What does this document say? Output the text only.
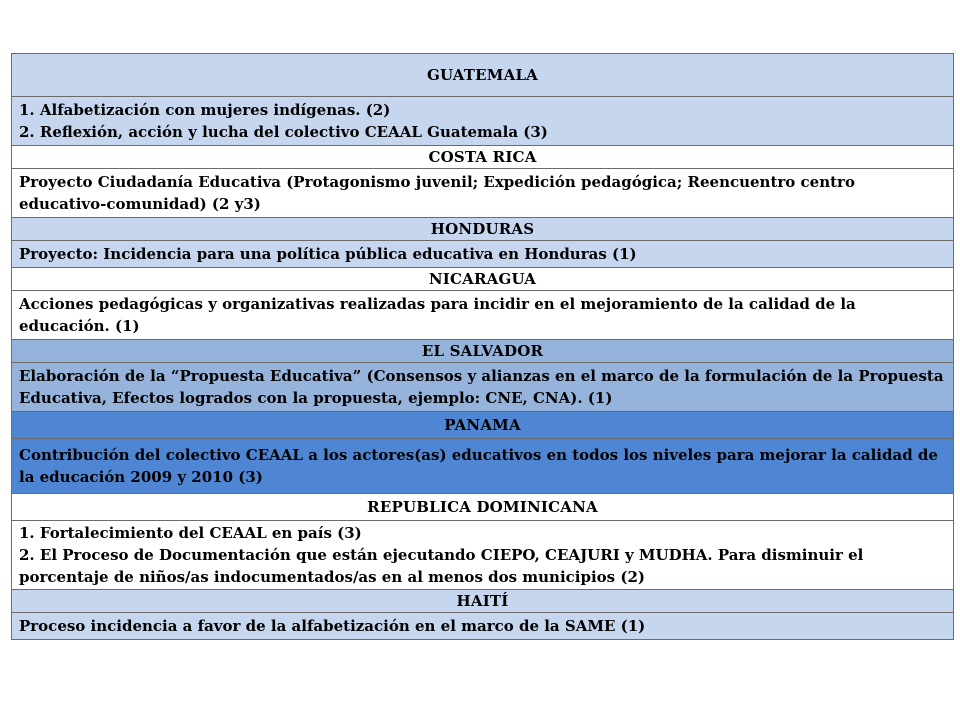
GUATEMALA

1. Alfabetización con mujeres indígenas. (2)
2. Reflexión, acción y lucha del colectivo CEAAL Guatemala (3)

COSTA RICA

Proyecto Ciudadanía Educativa (Protagonismo juvenil; Expedición pedagógica; Reencuentro centro educativo-comunidad) (2 y3)

HONDURAS

Proyecto: Incidencia para una política pública educativa en Honduras (1)

NICARAGUA

Acciones pedagógicas y organizativas realizadas para incidir en el mejoramiento de la calidad de la educación. (1)

EL SALVADOR

Elaboración de la “Propuesta Educativa” (Consensos y alianzas en el marco de la formulación de la Propuesta Educativa, Efectos logrados con la propuesta, ejemplo: CNE, CNA). (1)

PANAMA

Contribución del colectivo CEAAL a los actores(as) educativos en todos los niveles para mejorar la calidad de la educación 2009 y 2010 (3)

REPUBLICA DOMINICANA

1. Fortalecimiento del CEAAL en país (3)
2. El Proceso de Documentación que están ejecutando CIEPO, CEAJURI y MUDHA. Para disminuir el porcentaje de niños/as indocumentados/as en al menos dos municipios (2)

HAITÍ

Proceso incidencia a favor de la alfabetización en el marco de la SAME (1)
